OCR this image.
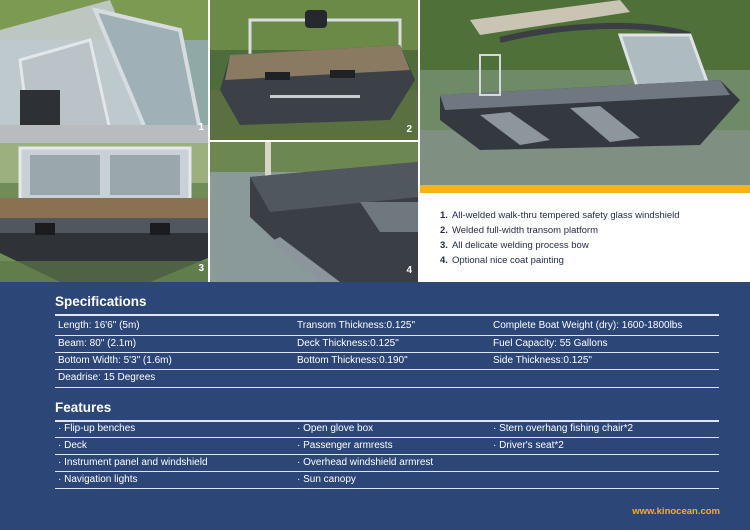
1
3
2
4
1. All-welded walk-thru tempered safety glass windshield
2. Welded full-width transom platform
3. All delicate welding process bow
4. Optional nice coat painting
Specifications
Length: 16'6" (5m)	Transom Thickness:0.125"	Complete Boat Weight (dry): 1600-1800lbs
Beam: 80" (2.1m)	Deck Thickness:0.125"	Fuel Capacity: 55 Gallons
Bottom Width: 5'3" (1.6m)	Bottom Thickness:0.190"	Side Thickness:0.125"
Deadrise: 15 Degrees
Features
· Flip-up benches	· Open glove box	· Stern overhang fishing chair*2
· Deck	· Passenger armrests	· Driver's seat*2
· Instrument panel and windshield	· Overhead windshield armrest
· Navigation lights	· Sun canopy
www.kinocean.com
